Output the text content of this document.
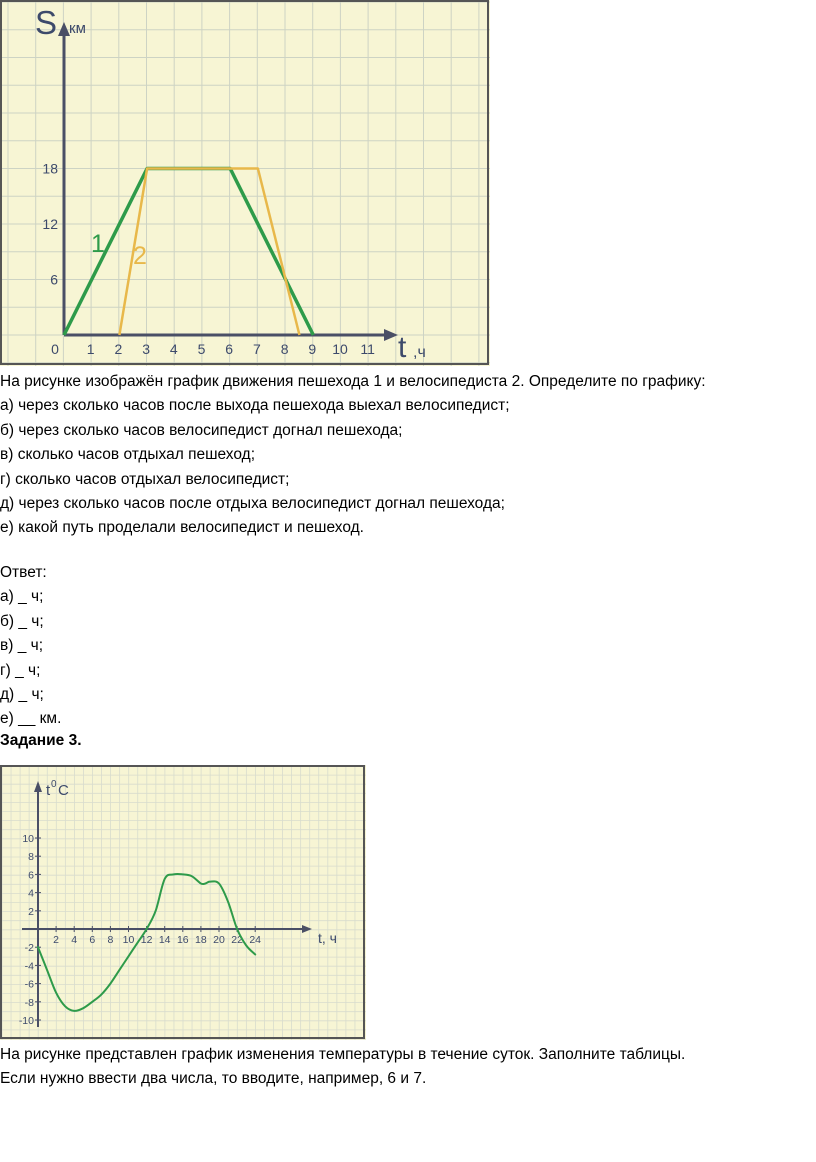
S км
t ,ч
0 1 2 3 4 5 6 7 8 9 10 11
6
12
18
1 2

На рисунке изображён график движения пешехода 1 и велосипедиста 2. Определите по графику:

а) через сколько часов после выхода пешехода выехал велосипедист;

б) через сколько часов велосипедист догнал пешехода;

в) сколько часов отдыхал пешеход;

г) сколько часов отдыхал велосипедист;

д) через сколько часов после отдыха велосипедист догнал пешехода;

е) какой путь проделали велосипедист и пешеход.

Ответ:

а) _ ч;

б) _ ч;

в) _ ч;

г) _ ч;

д) _ ч;

е) __ км.

Задание 3.
t 0 C
t, ч
2 4 6 8 10 12 14 16 18 20 22 24
10
8
6
4
2
-2
-4
-6
-8
-10

На рисунке представлен график изменения температуры в течение суток. Заполните таблицы.

Если нужно ввести два числа, то вводите, например, 6 и 7.
